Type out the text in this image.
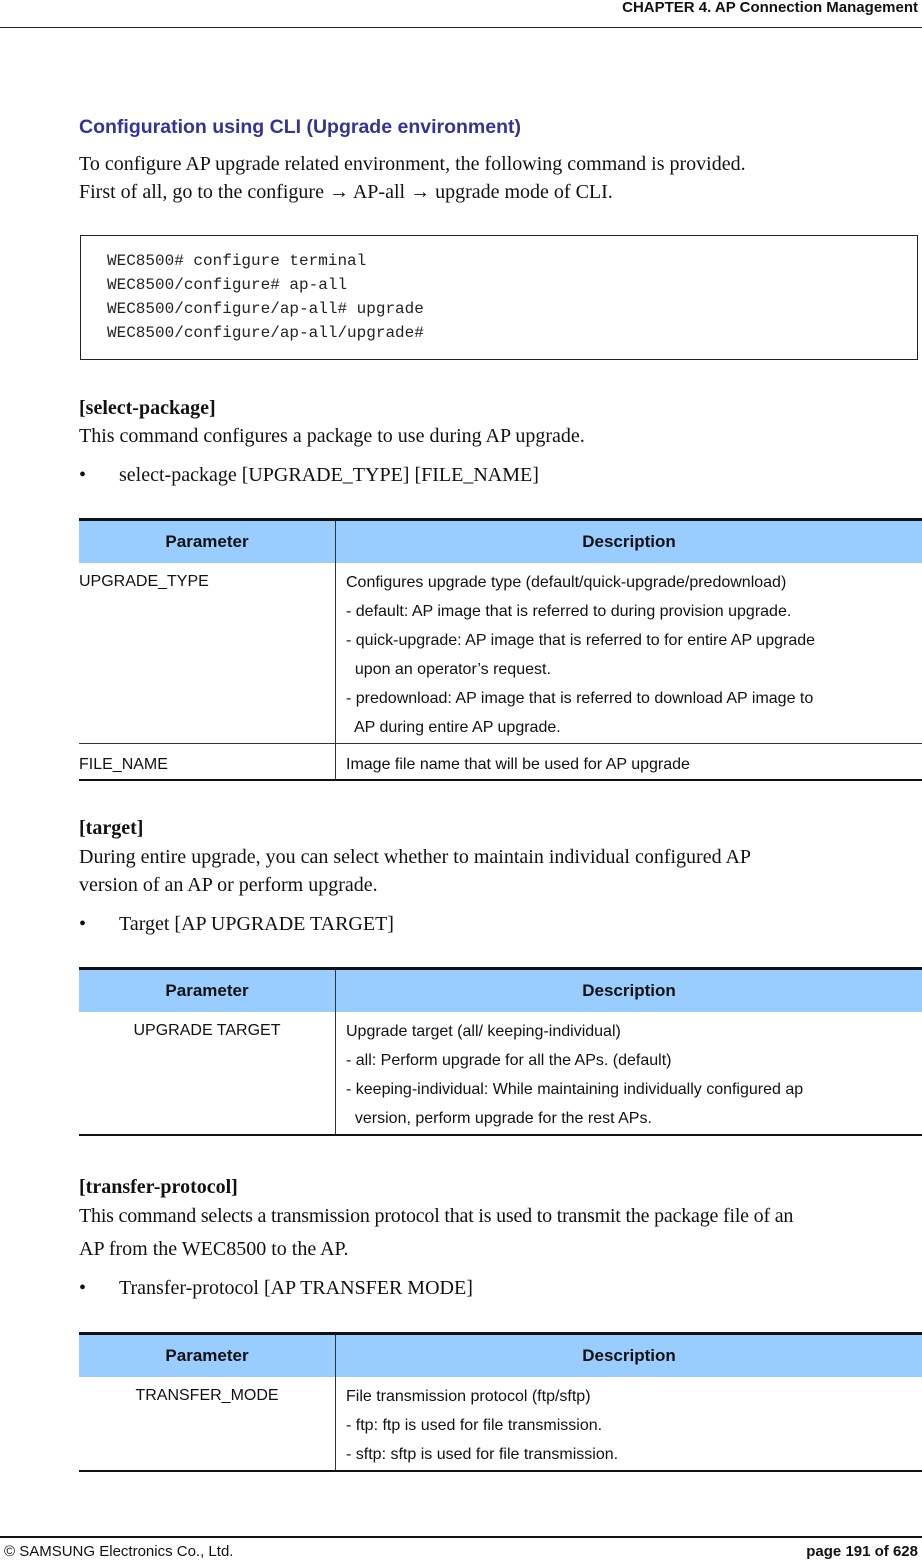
CHAPTER 4. AP Connection Management
Configuration using CLI (Upgrade environment)
To configure AP upgrade related environment, the following command is provided.
First of all, go to the configure → AP-all → upgrade mode of CLI.
WEC8500# configure terminal
WEC8500/configure# ap-all
WEC8500/configure/ap-all# upgrade
WEC8500/configure/ap-all/upgrade#
[select-package]
This command configures a package to use during AP upgrade.
• select-package [UPGRADE_TYPE] [FILE_NAME]
Parameter	Description
UPGRADE_TYPE	Configures upgrade type (default/quick-upgrade/predownload)
- default: AP image that is referred to during provision upgrade.
- quick-upgrade: AP image that is referred to for entire AP upgrade
upon an operator’s request.
- predownload: AP image that is referred to download AP image to
AP during entire AP upgrade.
FILE_NAME	Image file name that will be used for AP upgrade
[target]
During entire upgrade, you can select whether to maintain individual configured AP
version of an AP or perform upgrade.
• Target [AP UPGRADE TARGET]
Parameter	Description
UPGRADE TARGET	Upgrade target (all/ keeping-individual)
- all: Perform upgrade for all the APs. (default)
- keeping-individual: While maintaining individually configured ap
version, perform upgrade for the rest APs.
[transfer-protocol]
This command selects a transmission protocol that is used to transmit the package file of an
AP from the WEC8500 to the AP.
• Transfer-protocol [AP TRANSFER MODE]
Parameter	Description
TRANSFER_MODE	File transmission protocol (ftp/sftp)
- ftp: ftp is used for file transmission.
- sftp: sftp is used for file transmission.
© SAMSUNG Electronics Co., Ltd.	page 191 of 628
